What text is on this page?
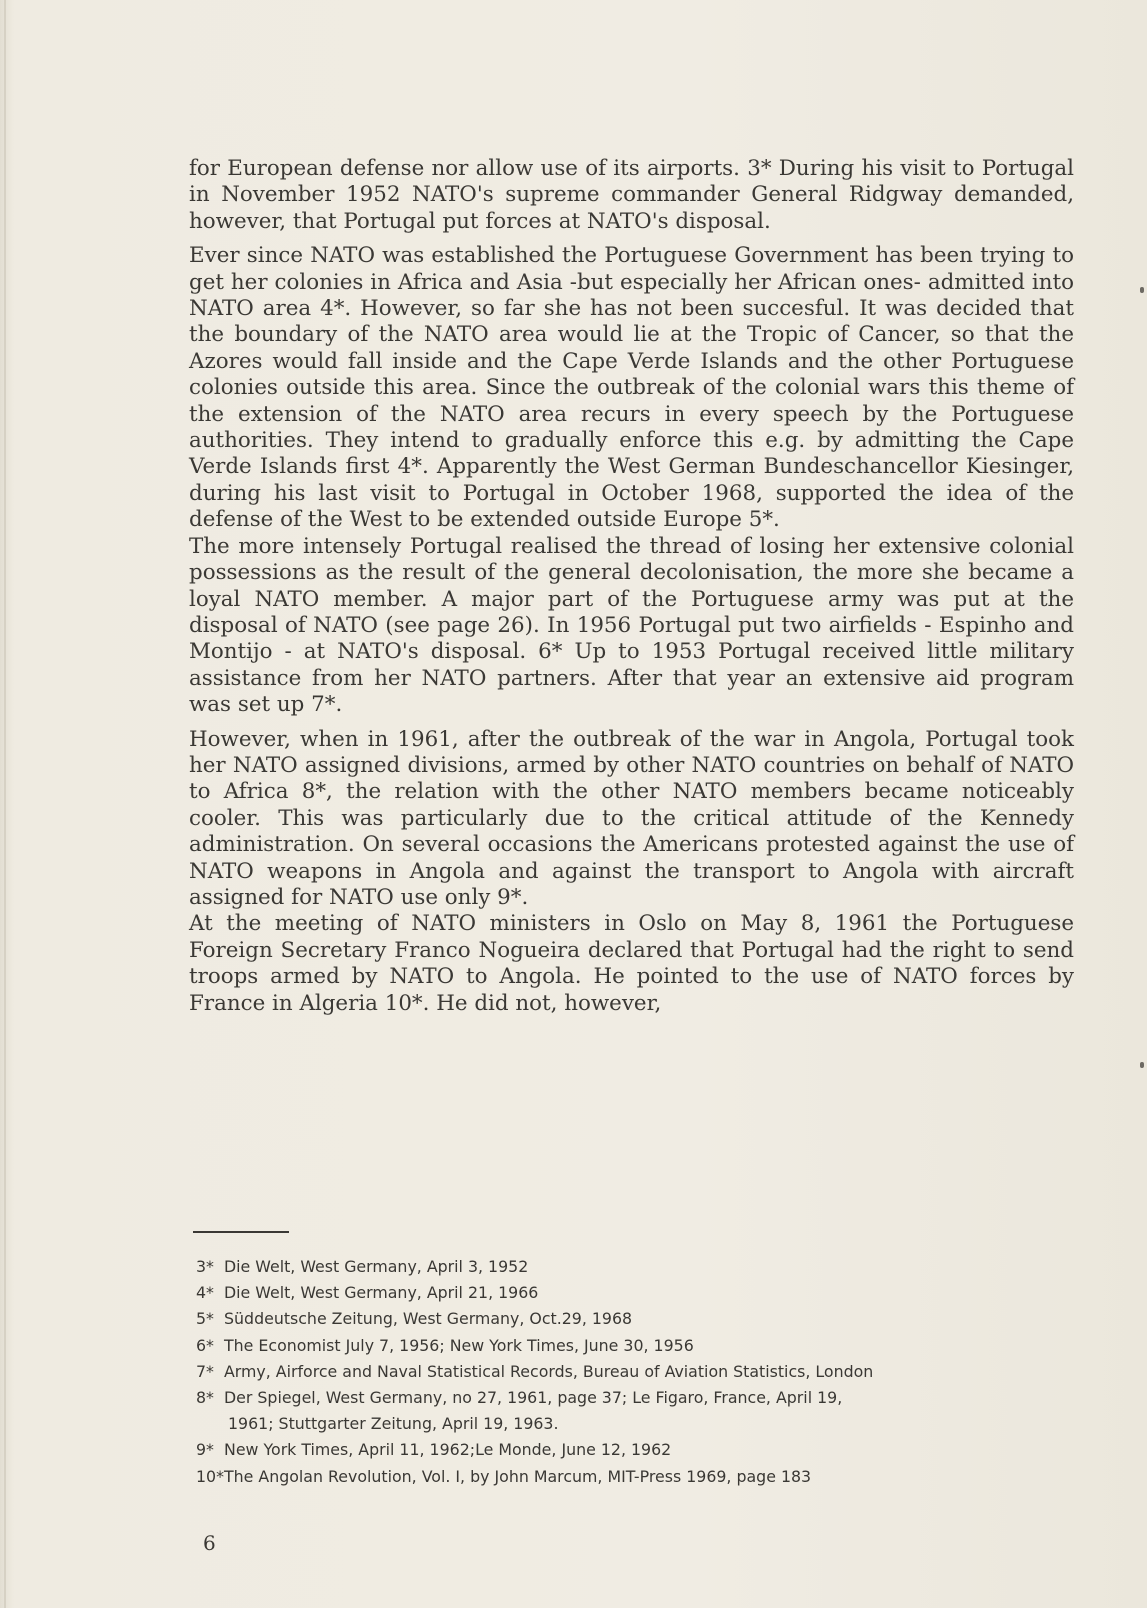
for European defense nor allow use of its airports. 3* During his visit to Portugal in November 1952 NATO's supreme commander General Ridgway demanded, however, that Portugal put forces at NATO's disposal.

Ever since NATO was established the Portuguese Government has been trying to get her colonies in Africa and Asia -but especially her African ones- admitted into NATO area 4*. However, so far she has not been succesful. It was decided that the boundary of the NATO area would lie at the Tropic of Cancer, so that the Azores would fall inside and the Cape Verde Islands and the other Portuguese colonies outside this area. Since the outbreak of the colonial wars this theme of the extension of the NATO area recurs in every speech by the Portuguese authorities. They intend to gradually enforce this e.g. by admitting the Cape Verde Islands first 4*. Apparently the West German Bundeschancellor Kiesinger, during his last visit to Portugal in October 1968, supported the idea of the defense of the West to be extended outside Europe 5*.

The more intensely Portugal realised the thread of losing her extensive colonial possessions as the result of the general decolonisation, the more she became a loyal NATO member. A major part of the Portuguese army was put at the disposal of NATO (see page 26). In 1956 Portugal put two airfields - Espinho and Montijo - at NATO's disposal. 6* Up to 1953 Portugal received little military assistance from her NATO partners. After that year an extensive aid program was set up 7*.

However, when in 1961, after the outbreak of the war in Angola, Portugal took her NATO assigned divisions, armed by other NATO countries on behalf of NATO to Africa 8*, the relation with the other NATO members became noticeably cooler. This was particularly due to the critical attitude of the Kennedy administration. On several occasions the Americans protested against the use of NATO weapons in Angola and against the transport to Angola with aircraft assigned for NATO use only 9*.

At the meeting of NATO ministers in Oslo on May 8, 1961 the Portuguese Foreign Secretary Franco Nogueira declared that Portugal had the right to send troops armed by NATO to Angola. He pointed to the use of NATO forces by France in Algeria 10*. He did not, however,

3* Die Welt, West Germany, April 3, 1952
4* Die Welt, West Germany, April 21, 1966
5* Süddeutsche Zeitung, West Germany, Oct.29, 1968
6* The Economist July 7, 1956; New York Times, June 30, 1956
7* Army, Airforce and Naval Statistical Records, Bureau of Aviation Statistics, London
8* Der Spiegel, West Germany, no 27, 1961, page 37; Le Figaro, France, April 19,
1961; Stuttgarter Zeitung, April 19, 1963.
9* New York Times, April 11, 1962;Le Monde, June 12, 1962
10* The Angolan Revolution, Vol. I, by John Marcum, MIT-Press 1969, page 183
6
